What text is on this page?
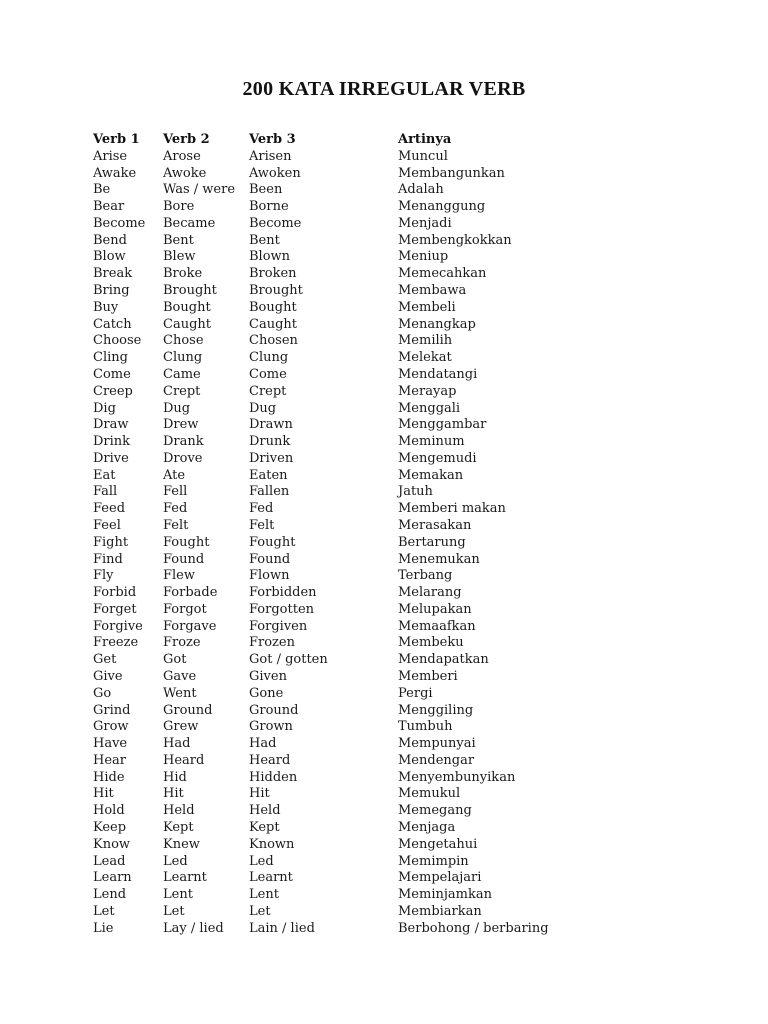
200 KATA IRREGULAR VERB
Verb 1	Verb 2	Verb 3	Artinya
Arise	Arose	Arisen	Muncul
Awake	Awoke	Awoken	Membangunkan
Be	Was / were	Been	Adalah
Bear	Bore	Borne	Menanggung
Become	Became	Become	Menjadi
Bend	Bent	Bent	Membengkokkan
Blow	Blew	Blown	Meniup
Break	Broke	Broken	Memecahkan
Bring	Brought	Brought	Membawa
Buy	Bought	Bought	Membeli
Catch	Caught	Caught	Menangkap
Choose	Chose	Chosen	Memilih
Cling	Clung	Clung	Melekat
Come	Came	Come	Mendatangi
Creep	Crept	Crept	Merayap
Dig	Dug	Dug	Menggali
Draw	Drew	Drawn	Menggambar
Drink	Drank	Drunk	Meminum
Drive	Drove	Driven	Mengemudi
Eat	Ate	Eaten	Memakan
Fall	Fell	Fallen	Jatuh
Feed	Fed	Fed	Memberi makan
Feel	Felt	Felt	Merasakan
Fight	Fought	Fought	Bertarung
Find	Found	Found	Menemukan
Fly	Flew	Flown	Terbang
Forbid	Forbade	Forbidden	Melarang
Forget	Forgot	Forgotten	Melupakan
Forgive	Forgave	Forgiven	Memaafkan
Freeze	Froze	Frozen	Membeku
Get	Got	Got / gotten	Mendapatkan
Give	Gave	Given	Memberi
Go	Went	Gone	Pergi
Grind	Ground	Ground	Menggiling
Grow	Grew	Grown	Tumbuh
Have	Had	Had	Mempunyai
Hear	Heard	Heard	Mendengar
Hide	Hid	Hidden	Menyembunyikan
Hit	Hit	Hit	Memukul
Hold	Held	Held	Memegang
Keep	Kept	Kept	Menjaga
Know	Knew	Known	Mengetahui
Lead	Led	Led	Memimpin
Learn	Learnt	Learnt	Mempelajari
Lend	Lent	Lent	Meminjamkan
Let	Let	Let	Membiarkan
Lie	Lay / lied	Lain / lied	Berbohong / berbaring
